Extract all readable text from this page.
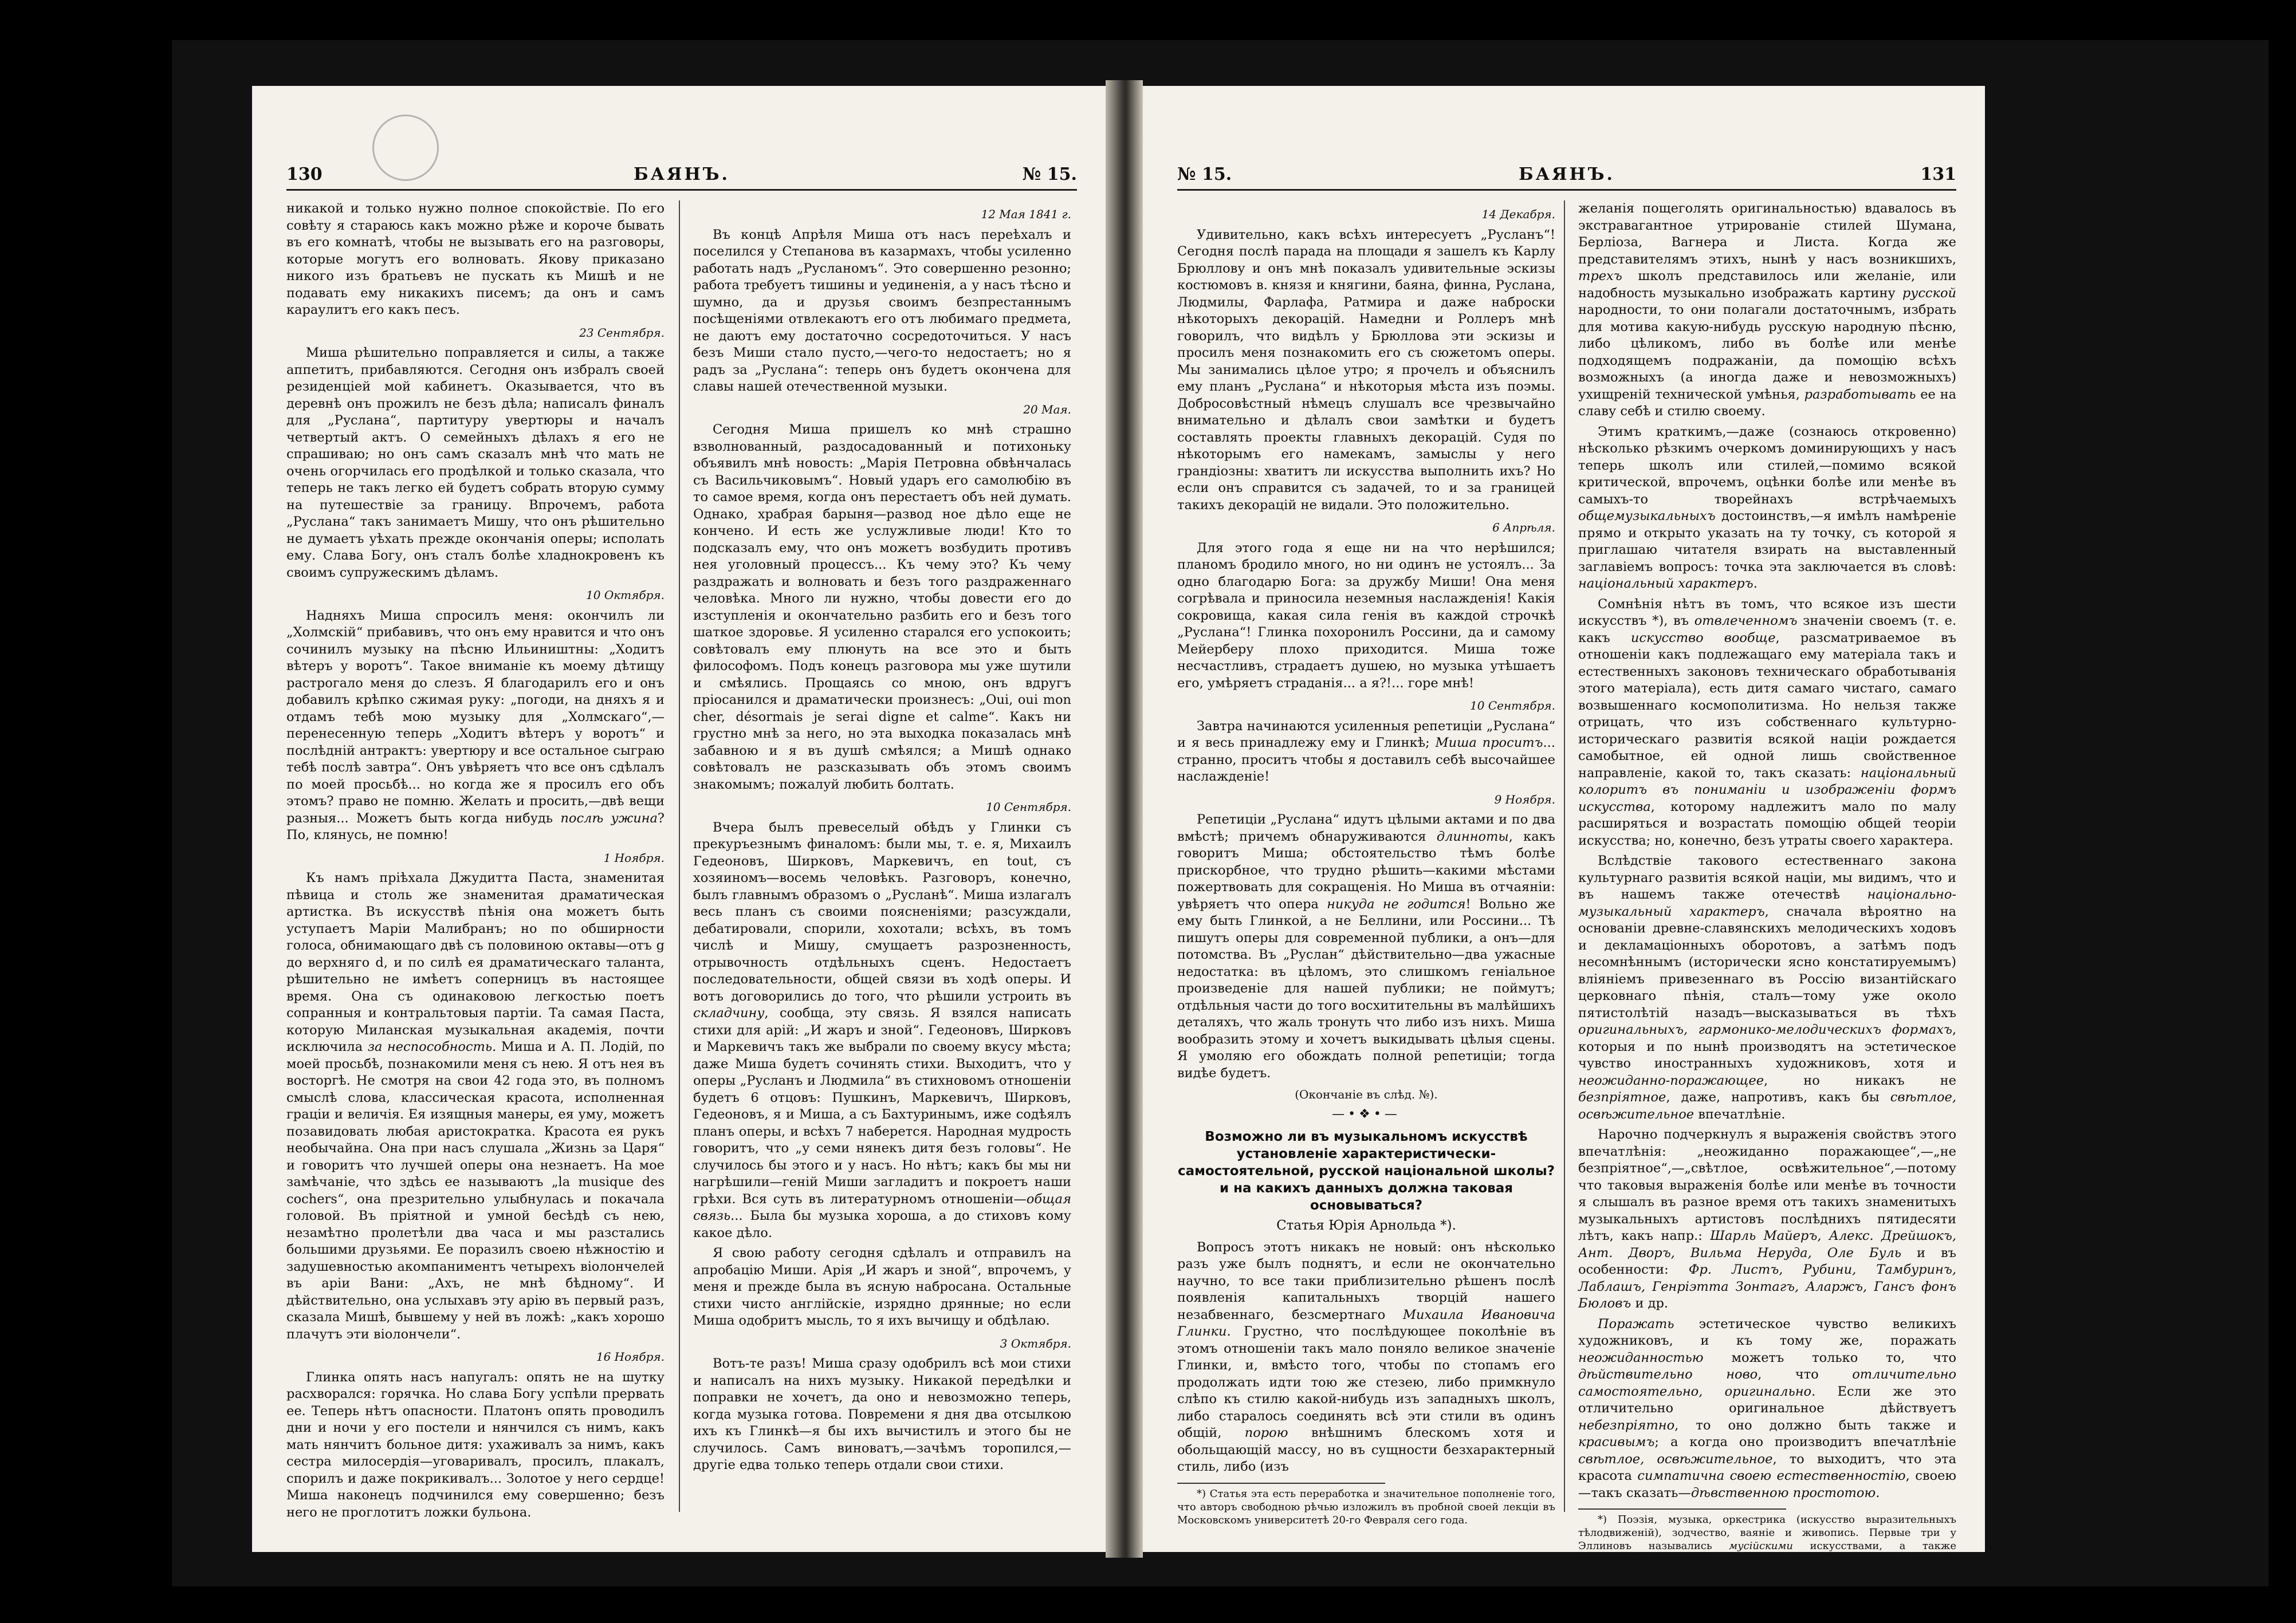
130	БАЯНЪ.	№ 15.

никакой и только нужно полное спокойствіе. По его совѣту я стараюсь какъ можно рѣже и короче бывать въ его комнатѣ, чтобы не вызывать его на разговоры, которые могутъ его волновать. Якову приказано никого изъ братьевъ не пускать къ Мишѣ и не подавать ему никакихъ писемъ; да онъ и самъ караулитъ его какъ песъ.

23 Сентября.

Миша рѣшительно поправляется и силы, а также аппетитъ, прибавляются. Сегодня онъ избралъ своей резиденціей мой кабинетъ. Оказывается, что въ деревнѣ онъ прожилъ не безъ дѣла; написалъ финалъ для „Руслана“, партитуру увертюры и началъ четвертый актъ. О семейныхъ дѣлахъ я его не спрашиваю; но онъ самъ сказалъ мнѣ что мать не очень огорчилась его продѣлкой и только сказала, что теперь не такъ легко ей будетъ собрать вторую сумму на путешествіе за границу. Впрочемъ, работа „Руслана“ такъ занимаетъ Мишу, что онъ рѣшительно не думаетъ уѣхать прежде окончанія оперы; исполать ему. Слава Богу, онъ сталъ болѣе хладнокровенъ къ своимъ супружескимъ дѣламъ.

10 Октября.

Надняхъ Миша спросилъ меня: окончилъ ли „Холмскій“ прибавивъ, что онъ ему нравится и что онъ сочинилъ музыку на пѣсню Ильиништны: „Ходитъ вѣтеръ у воротъ“. Такое вниманіе къ моему дѣтищу растрогало меня до слезъ. Я благодарилъ его и онъ добавилъ крѣпко сжимая руку: „погоди, на дняхъ я и отдамъ тебѣ мою музыку для „Холмскаго“,—перенесенную теперь „Ходитъ вѣтеръ у воротъ“ и послѣдній антрактъ: увертюру и все остальное сыграю тебѣ послѣ завтра“. Онъ увѣряетъ что все онъ сдѣлалъ по моей просьбѣ... но когда же я просилъ его объ этомъ? право не помню. Желать и просить,—двѣ вещи разныя... Можетъ быть когда нибудь послѣ ужина? По, клянусь, не помню!

1 Ноября.

Къ намъ пріѣхала Джудитта Паста, знаменитая пѣвица и столь же знаменитая драматическая артистка. Въ искусствѣ пѣнія она можетъ быть уступаетъ Маріи Малибранъ; но по обширности голоса, обнимающаго двѣ съ половиною октавы—отъ g до верхняго d, и по силѣ ея драматическаго таланта, рѣшительно не имѣетъ соперницъ въ настоящее время. Она съ одинаковою легкостью поетъ сопранныя и контральтовыя партіи. Та самая Паста, которую Миланская музыкальная академія, почти исключила за неспособность. Миша и А. П. Лодій, по моей просьбѣ, познакомили меня съ нею. Я отъ нея въ восторгѣ. Не смотря на свои 42 года это, въ полномъ смыслѣ слова, классическая красота, исполненная граціи и величія. Ея изящныя манеры, ея уму, можетъ позавидовать любая аристократка. Красота ея рукъ необычайна. Она при насъ слушала „Жизнь за Царя“ и говоритъ что лучшей оперы она незнаетъ. На мое замѣчаніе, что здѣсь ее называютъ „la musique des cochers“, она презрительно улыбнулась и покачала головой. Въ пріятной и умной бесѣдѣ съ нею, незамѣтно пролетѣли два часа и мы разстались большими друзьями. Ее поразилъ своею нѣжностію и задушевностью акомпаниментъ четырехъ віолончелей въ аріи Вани: „Ахъ, не мнѣ бѣдному“. И дѣйствительно, она услыхавъ эту арію въ первый разъ, сказала Мишѣ, бывшему у ней въ ложѣ: „какъ хорошо плачутъ эти віолончели“.

16 Ноября.

Глинка опять насъ напугалъ: опять не на шутку расхворался: горячка. Но слава Богу успѣли прервать ее. Теперь нѣтъ опасности. Платонъ опять проводилъ дни и ночи у его постели и нянчился съ нимъ, какъ мать нянчитъ больное дитя: ухаживалъ за нимъ, какъ сестра милосердія—уговаривалъ, просилъ, плакалъ, спорилъ и даже покрикивалъ... Золотое у него сердце! Миша наконецъ подчинился ему совершенно; безъ него не проглотитъ ложки бульона.

12 Мая 1841 г.

Въ концѣ Апрѣля Миша отъ насъ переѣхалъ и поселился у Степанова въ казармахъ, чтобы усиленно работать надъ „Русланомъ“. Это совершенно резонно; работа требуетъ тишины и уединенія, а у насъ тѣсно и шумно, да и друзья своимъ безпрестаннымъ посѣщеніями отвлекаютъ его отъ любимаго предмета, не даютъ ему достаточно сосредоточиться. У насъ безъ Миши стало пусто,—чего-то недостаетъ; но я радъ за „Руслана“: теперь онъ будетъ окончена для славы нашей отечественной музыки.

20 Мая.

Сегодня Миша пришелъ ко мнѣ страшно взволнованный, раздосадованный и потихоньку объявилъ мнѣ новость: „Марія Петровна обвѣнчалась съ Васильчиковымъ“. Новый ударъ его самолюбію въ то самое время, когда онъ перестаетъ объ ней думать. Однако, храбрая барыня—развод ное дѣло еще не кончено. И есть же услужливые люди! Кто то подсказалъ ему, что онъ можетъ возбудить противъ нея уголовный процессъ... Къ чему это? Къ чему раздражать и волновать и безъ того раздраженнаго человѣка. Много ли нужно, чтобы довести его до изступленія и окончательно разбить его и безъ того шаткое здоровье. Я усиленно старался его успокоить; совѣтовалъ ему плюнуть на все это и быть философомъ. Подъ конецъ разговора мы уже шутили и смѣялись. Прощаясь со мною, онъ вдругъ пріосанился и драматически произнесъ: „Oui, oui mon cher, désormais je serai digne et calme“. Какъ ни грустно мнѣ за него, но эта выходка показалась мнѣ забавною и я въ душѣ смѣялся; а Мишѣ однако совѣтовалъ не разсказывать объ этомъ своимъ знакомымъ; пожалуй любить болтать.

10 Сентября.

Вчера былъ превеселый обѣдъ у Глинки съ прекуръезнымъ финаломъ: были мы, т. е. я, Михаилъ Гедеоновъ, Ширковъ, Маркевичъ, en tout, съ хозяиномъ—восемь человѣкъ. Разговоръ, конечно, былъ главнымъ образомъ о „Русланѣ“. Миша излагалъ весь планъ съ своими поясненіями; разсуждали, дебатировали, спорили, хохотали; всѣхъ, въ томъ числѣ и Мишу, смущаетъ разрозненность, отрывочность отдѣльныхъ сценъ. Недостаетъ последовательности, общей связи въ ходѣ оперы. И вотъ договорились до того, что рѣшили устроить въ складчину, сообща, эту связь. Я взялся написать стихи для арій: „И жаръ и зной“. Гедеоновъ, Ширковъ и Маркевичъ такъ же выбрали по своему вкусу мѣста; даже Миша будетъ сочинять стихи. Выходитъ, что у оперы „Русланъ и Людмила“ въ стихновомъ отношеніи будетъ 6 отцовъ: Пушкинъ, Маркевичъ, Ширковъ, Гедеоновъ, я и Миша, а съ Бахтуринымъ, иже содѣялъ планъ оперы, и всѣхъ 7 наберется. Народная мудрость говоритъ, что „у семи нянекъ дитя безъ головы“. Не случилось бы этого и у насъ. Но нѣтъ; какъ бы мы ни нагрѣшили—геній Миши загладитъ и покроетъ наши грѣхи. Вся суть въ литературномъ отношеніи—общая связь... Была бы музыка хороша, а до стиховъ кому какое дѣло.

Я свою работу сегодня сдѣлалъ и отправилъ на апробацію Миши. Арія „И жаръ и зной“, впрочемъ, у меня и прежде была въ ясную набросана. Остальные стихи чисто англійскіе, изрядно дрянные; но если Миша одобритъ мысль, то я ихъ вычищу и обдѣлаю.

3 Октября.

Вотъ-те разъ! Миша сразу одобрилъ всѣ мои стихи и написалъ на нихъ музыку. Никакой передѣлки и поправки не хочетъ, да оно и невозможно теперь, когда музыка готова. Повремени я дня два отсылкою ихъ къ Глинкѣ—я бы ихъ вычистилъ и этого бы не случилось. Самъ виноватъ,—зачѣмъ торопился,—другіе едва только теперь отдали свои стихи.

№ 15.	БАЯНЪ.	131
14 Декабря.

Удивительно, какъ всѣхъ интересуетъ „Русланъ“! Сегодня послѣ парада на площади я зашелъ къ Карлу Брюллову и онъ мнѣ показалъ удивительные эскизы костюмовъ в. князя и княгини, баяна, финна, Руслана, Людмилы, Фарлафа, Ратмира и даже наброски нѣкоторыхъ декорацій. Намедни и Роллеръ мнѣ говорилъ, что видѣлъ у Брюллова эти эскизы и просилъ меня познакомить его съ сюжетомъ оперы. Мы занимались цѣлое утро; я прочелъ и объяснилъ ему планъ „Руслана“ и нѣкоторыя мѣста изъ поэмы. Добросовѣстный нѣмецъ слушалъ все чрезвычайно внимательно и дѣлалъ свои замѣтки и будетъ составлять проекты главныхъ декорацій. Судя по нѣкоторымъ его намекамъ, замыслы у него грандіозны: хватитъ ли искусства выполнить ихъ? Но если онъ справится съ задачей, то и за границей такихъ декорацій не видали. Это положительно.

6 Апрѣля.

Для этого года я еще ни на что нерѣшился; планомъ бродило много, но ни одинъ не устоялъ... За одно благодарю Бога: за дружбу Миши! Она меня согрѣвала и приносила неземныя наслажденія! Какія сокровища, какая сила генія въ каждой строчкѣ „Руслана“! Глинка похоронилъ Россини, да и самому Мейерберу плохо приходится. Миша тоже несчастливъ, страдаетъ душею, но музыка утѣшаетъ его, умѣряетъ страданія... а я?!... горе мнѣ!

10 Сентября.

Завтра начинаются усиленныя репетиціи „Руслана“ и я весь принадлежу ему и Глинкѣ; Миша проситъ... странно, проситъ чтобы я доставилъ себѣ высочайшее наслажденіе!

9 Ноября.

Репетиціи „Руслана“ идутъ цѣлыми актами и по два вмѣстѣ; причемъ обнаруживаются длинноты, какъ говоритъ Миша; обстоятельство тѣмъ болѣе прискорбное, что трудно рѣшить—какими мѣстами пожертвовать для сокращенія. Но Миша въ отчаяніи: увѣряетъ что опера никуда не годится! Вольно же ему быть Глинкой, а не Беллини, или Россини... Тѣ пишутъ оперы для современной публики, а онъ—для потомства. Въ „Руслан“ дѣйствительно—два ужасные недостатка: въ цѣломъ, это слишкомъ геніальное произведеніе для нашей публики; не поймутъ; отдѣльныя части до того восхитительны въ малѣйшихъ деталяхъ, что жаль тронуть что либо изъ нихъ. Миша вообразить этому и хочетъ выкидывать цѣлыя сцены. Я умоляю его обождать полной репетиціи; тогда видѣе будетъ.

(Окончаніе въ слѣд. №).
—•❖•—
Возможно ли въ музыкальномъ искусствѣ установленіе характеристически-самостоятельной, русской національной школы? и на какихъ данныхъ должна таковая основываться?
Статья Юрія Арнольда *).

Вопросъ этотъ никакъ не новый: онъ нѣсколько разъ уже былъ поднятъ, и если не окончательно научно, то все таки приблизительно рѣшенъ послѣ появленія капитальныхъ творцій нашего незабвеннаго, безсмертнаго Михаила Ивановича Глинки. Грустно, что послѣдующее поколѣніе въ этомъ отношеніи такъ мало поняло великое значеніе Глинки, и, вмѣсто того, чтобы по стопамъ его продолжать идти тою же стезею, либо примкнуло слѣпо къ стилю какой-нибудь изъ западныхъ школъ, либо старалось соединять всѣ эти стили въ одинъ общій, порою внѣшнимъ блескомъ хотя и обольщающій массу, но въ сущности безхарактерный стиль, либо (изъ

*) Статья эта есть переработка и значительное пополненіе того, что авторъ свободною рѣчью изложилъ въ пробной своей лекціи въ Московскомъ университетѣ 20-го Февраля сего года.

желанія пощеголять оригинальностью) вдавалось въ экстравагантное утрированіе стилей Шумана, Берліоза, Вагнера и Листа. Когда же представителямъ этихъ, нынѣ у насъ возникшихъ, трехъ школъ представилось или желаніе, или надобность музыкально изображать картину русской народности, то они полагали достаточнымъ, избрать для мотива какую-нибудь русскую народную пѣсню, либо цѣликомъ, либо въ болѣе или менѣе подходящемъ подражаніи, да помощію всѣхъ возможныхъ (а иногда даже и невозможныхъ) ухищреній технической умѣнья, разработывать ее на славу себѣ и стилю своему.

Этимъ краткимъ,—даже (сознаюсь откровенно) нѣсколько рѣзкимъ очеркомъ доминирующихъ у насъ теперь школъ или стилей,—помимо всякой критической, впрочемъ, оцѣнки болѣе или менѣе въ самыхъ-то творейнахъ встрѣчаемыхъ общемузыкальныхъ достоинствъ,—я имѣлъ намѣреніе прямо и открыто указать на ту точку, съ которой я приглашаю читателя взирать на выставленный заглавіемъ вопросъ: точка эта заключается въ словѣ: національный характеръ.

Сомнѣнія нѣтъ въ томъ, что всякое изъ шести искусствъ *), въ отвлеченномъ значеніи своемъ (т. е. какъ искусство вообще, разсматриваемое въ отношеніи какъ подлежащаго ему матеріала такъ и естественныхъ законовъ техническаго обработыванія этого матеріала), есть дитя самаго чистаго, самаго возвышеннаго космополитизма. Но нельзя также отрицать, что изъ собственнаго культурно-историческаго развитія всякой націи рождается самобытное, ей одной лишь свойственное направленіе, какой то, такъ сказать: національный колоритъ въ пониманіи и изображеніи формъ искусства, которому надлежитъ мало по малу расширяться и возрастать помощію общей теоріи искусства; но, конечно, безъ утраты своего характера.

Вслѣдствіе такового естественнаго закона культурнаго развитія всякой націи, мы видимъ, что и въ нашемъ также отечествѣ національно-музыкальный характеръ, сначала вѣроятно на основаніи древне-славянскихъ мелодическихъ ходовъ и декламаціонныхъ оборотовъ, а затѣмъ подъ несомнѣннымъ (исторически ясно констатируемымъ) вліяніемъ привезеннаго въ Россію византійскаго церковнаго пѣнія, сталъ—тому уже около пятистолѣтій назадъ—высказываться въ тѣхъ оригинальныхъ, гармонико-мелодическихъ формахъ, которыя и по нынѣ производятъ на эстетическое чувство иностранныхъ художниковъ, хотя и неожиданно-поражающее, но никакъ не безпріятное, даже, напротивъ, какъ бы свѣтлое, освѣжительное впечатлѣніе.

Нарочно подчеркнулъ я выраженія свойствъ этого впечатлѣнія: „неожиданно поражающее“,—„не безпріятное“,—„свѣтлое, освѣжительное“,—потому что таковыя выраженія болѣе или менѣе въ точности я слышалъ въ разное время отъ такихъ знаменитыхъ музыкальныхъ артистовъ послѣднихъ пятидесяти лѣтъ, какъ напр.: Шарль Майеръ, Алекс. Дрейшокъ, Ант. Дворъ, Вильма Неруда, Оле Буль и въ особенности: Фр. Листъ, Рубини, Тамбуринъ, Лаблашъ, Генріэтта Зонтагъ, Аларжъ, Гансъ фонъ Бюловъ и др.

Поражать эстетическое чувство великихъ художниковъ, и къ тому же, поражать неожиданностью можетъ только то, что дѣйствительно ново, что отличительно самостоятельно, оригинально. Если же это отличительно оригинальное дѣйствуетъ небезпріятно, то оно должно быть также и красивымъ; а когда оно производитъ впечатлѣніе свѣтлое, освѣжительное, то выходитъ, что эта красота симпатична своею естественностію, своею—такъ сказать—дѣвственною простотою.

*) Поэзія, музыка, оркестрика (искусство выразительныхъ тѣлодвиженій), зодчество, ваяніе и живопись. Первые три у Эллиновъ назывались мусійскими искусствами, а также искусствами движенія; другіе же три пластичными, или же искусствами покоя.
